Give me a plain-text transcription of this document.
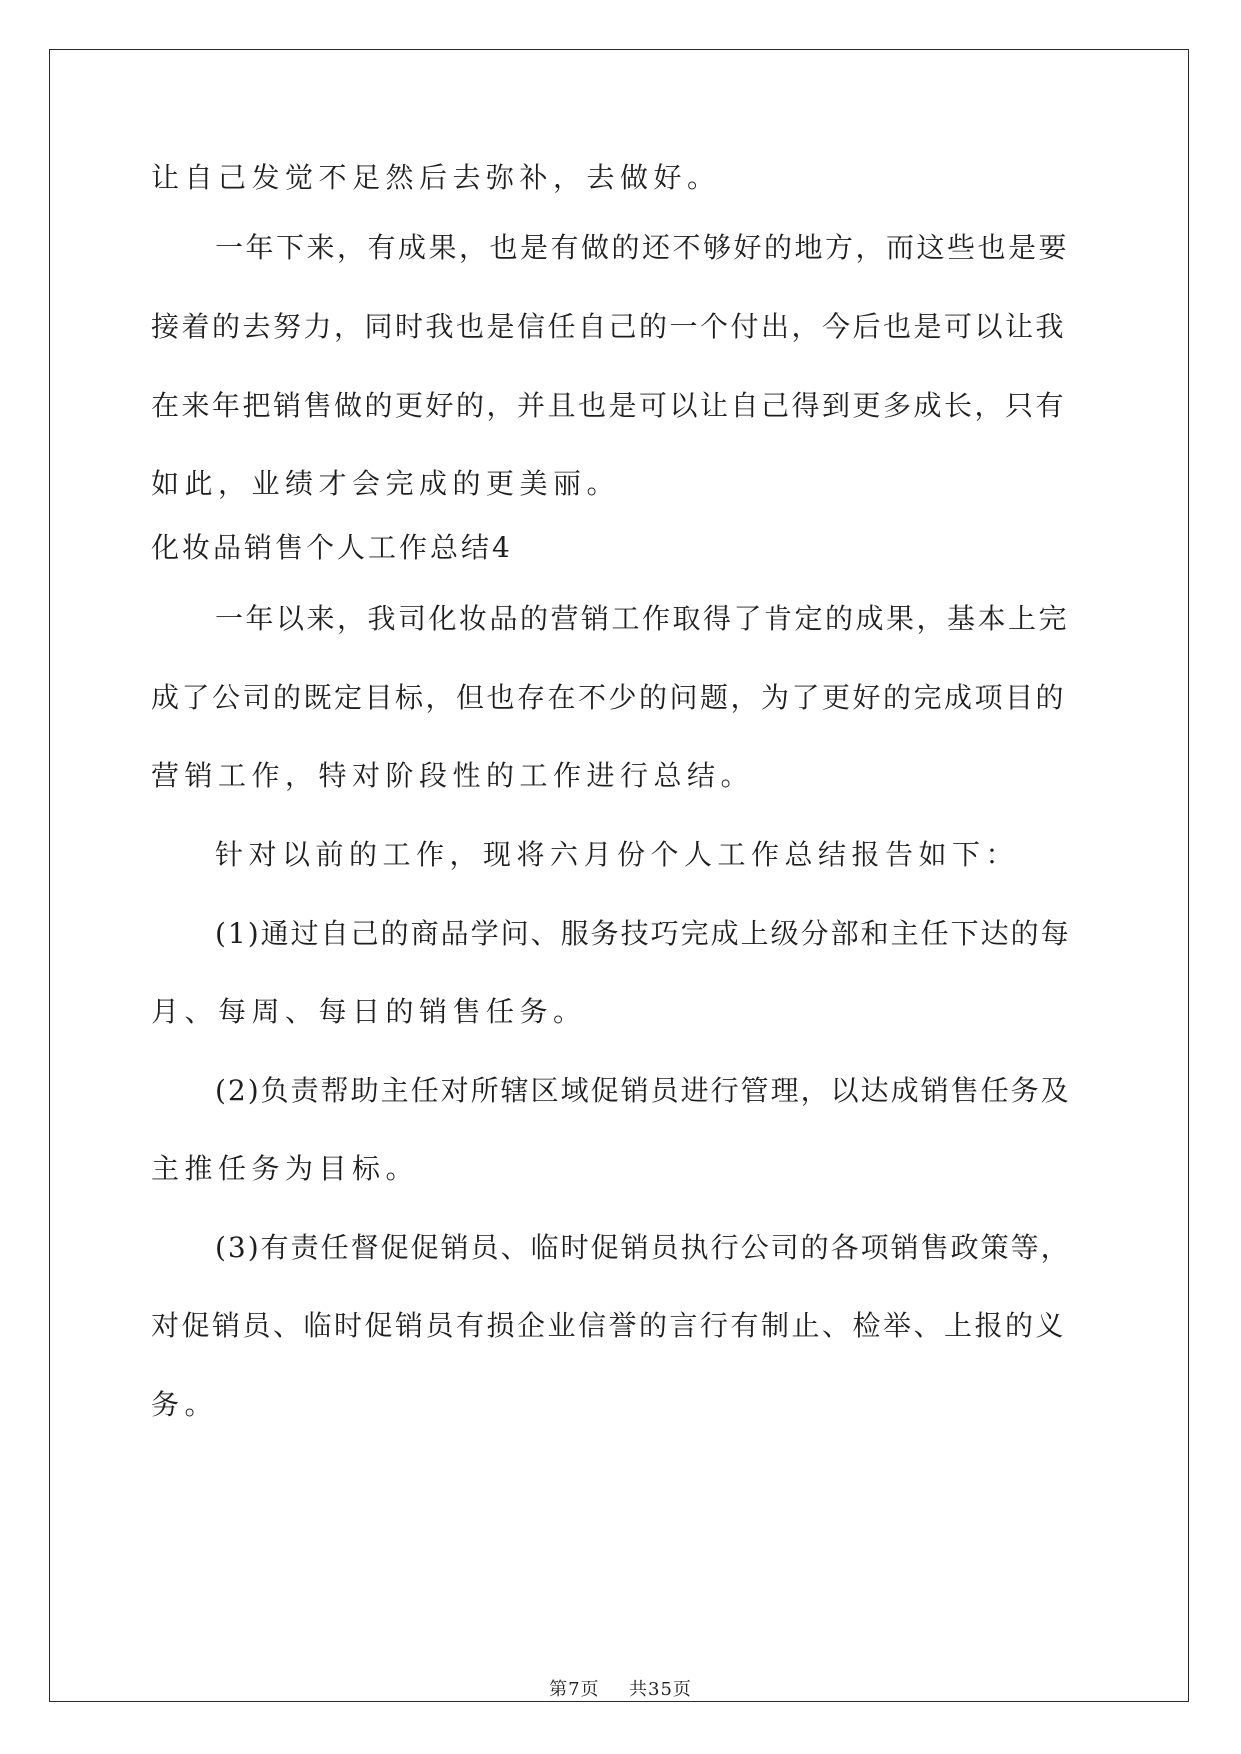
让自己发觉不足然后去弥补，去做好。
一年下来，有成果，也是有做的还不够好的地方，而这些也是要
接着的去努力，同时我也是信任自己的一个付出，今后也是可以让我
在来年把销售做的更好的，并且也是可以让自己得到更多成长，只有
如此，业绩才会完成的更美丽。
化妆品销售个人工作总结4
一年以来，我司化妆品的营销工作取得了肯定的成果，基本上完
成了公司的既定目标，但也存在不少的问题，为了更好的完成项目的
营销工作，特对阶段性的工作进行总结。
针对以前的工作，现将六月份个人工作总结报告如下：
(1)通过自己的商品学问、服务技巧完成上级分部和主任下达的每
月、每周、每日的销售任务。
(2)负责帮助主任对所辖区域促销员进行管理，以达成销售任务及
主推任务为目标。
(3)有责任督促促销员、临时促销员执行公司的各项销售政策等，
对促销员、临时促销员有损企业信誉的言行有制止、检举、上报的义
务。
第7页 共35页
